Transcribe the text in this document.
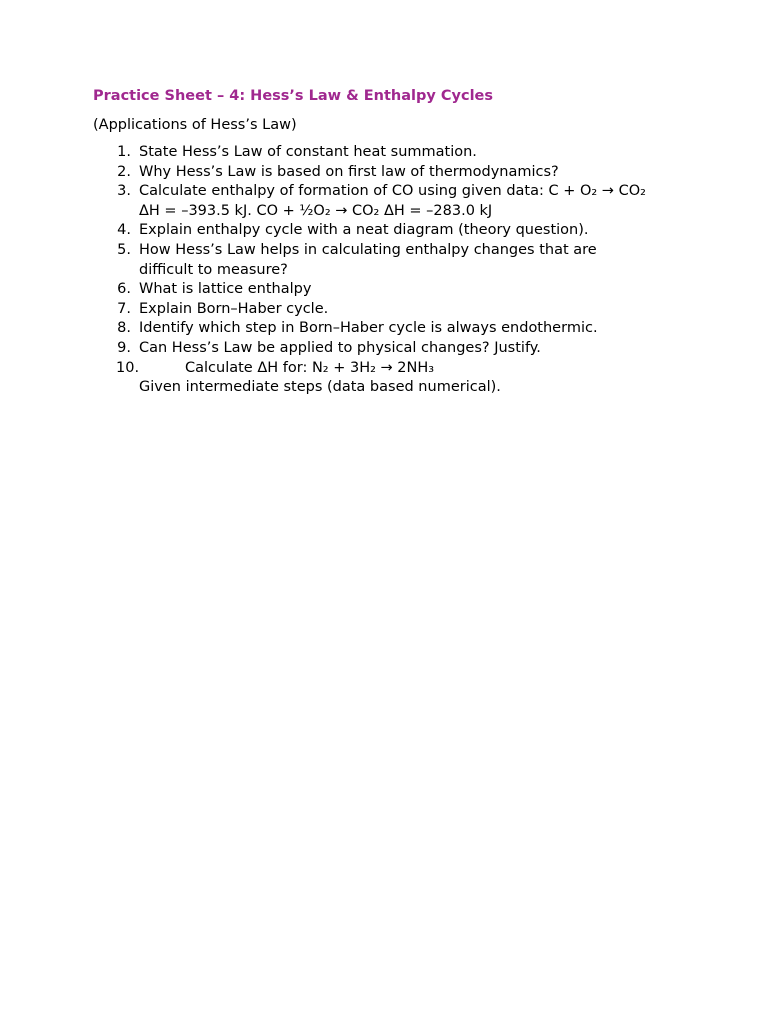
Practice Sheet – 4: Hess’s Law & Enthalpy Cycles

(Applications of Hess’s Law)

1. State Hess’s Law of constant heat summation.
2. Why Hess’s Law is based on first law of thermodynamics?
3. Calculate enthalpy of formation of CO using given data: C + O₂ → CO₂ ΔH = –393.5 kJ. CO + ½O₂ → CO₂ ΔH = –283.0 kJ
4. Explain enthalpy cycle with a neat diagram (theory question).
5. How Hess’s Law helps in calculating enthalpy changes that are difficult to measure?
6. What is lattice enthalpy
7. Explain Born–Haber cycle.
8. Identify which step in Born–Haber cycle is always endothermic.
9. Can Hess’s Law be applied to physical changes? Justify.
10.	Calculate ΔH for: N₂ + 3H₂ → 2NH₃
Given intermediate steps (data based numerical).
